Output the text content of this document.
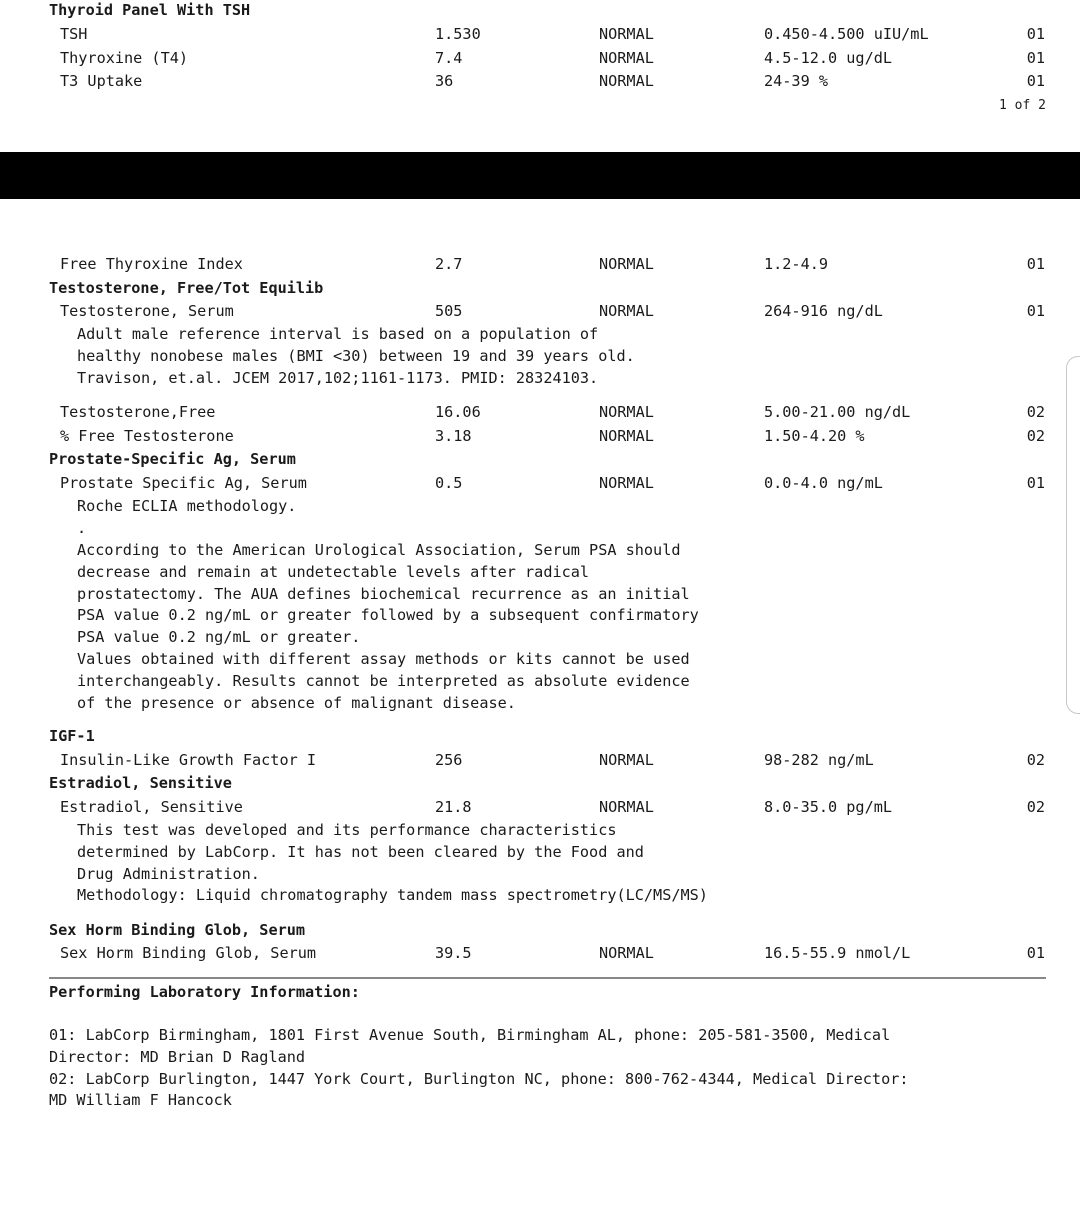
Thyroid Panel With TSH
TSH	1.530	NORMAL	0.450-4.500 uIU/mL	01
Thyroxine (T4)	7.4	NORMAL	4.5-12.0 ug/dL	01
T3 Uptake	36	NORMAL	24-39 %	01
1 of 2
Free Thyroxine Index	2.7	NORMAL	1.2-4.9	01
Testosterone, Free/Tot Equilib
Testosterone, Serum	505	NORMAL	264-916 ng/dL	01
Adult male reference interval is based on a population of
healthy nonobese males (BMI <30) between 19 and 39 years old.
Travison, et.al. JCEM 2017,102;1161-1173. PMID: 28324103.
Testosterone,Free	16.06	NORMAL	5.00-21.00 ng/dL	02
% Free Testosterone	3.18	NORMAL	1.50-4.20 %	02
Prostate-Specific Ag, Serum
Prostate Specific Ag, Serum	0.5	NORMAL	0.0-4.0 ng/mL	01
Roche ECLIA methodology.
.
According to the American Urological Association, Serum PSA should
decrease and remain at undetectable levels after radical
prostatectomy. The AUA defines biochemical recurrence as an initial
PSA value 0.2 ng/mL or greater followed by a subsequent confirmatory
PSA value 0.2 ng/mL or greater.
Values obtained with different assay methods or kits cannot be used
interchangeably. Results cannot be interpreted as absolute evidence
of the presence or absence of malignant disease.
IGF-1
Insulin-Like Growth Factor I	256	NORMAL	98-282 ng/mL	02
Estradiol, Sensitive
Estradiol, Sensitive	21.8	NORMAL	8.0-35.0 pg/mL	02
This test was developed and its performance characteristics
determined by LabCorp. It has not been cleared by the Food and
Drug Administration.
Methodology: Liquid chromatography tandem mass spectrometry(LC/MS/MS)
Sex Horm Binding Glob, Serum
Sex Horm Binding Glob, Serum	39.5	NORMAL	16.5-55.9 nmol/L	01
Performing Laboratory Information:
01: LabCorp Birmingham, 1801 First Avenue South, Birmingham AL, phone: 205-581-3500, Medical
Director: MD Brian D Ragland
02: LabCorp Burlington, 1447 York Court, Burlington NC, phone: 800-762-4344, Medical Director:
MD William F Hancock
